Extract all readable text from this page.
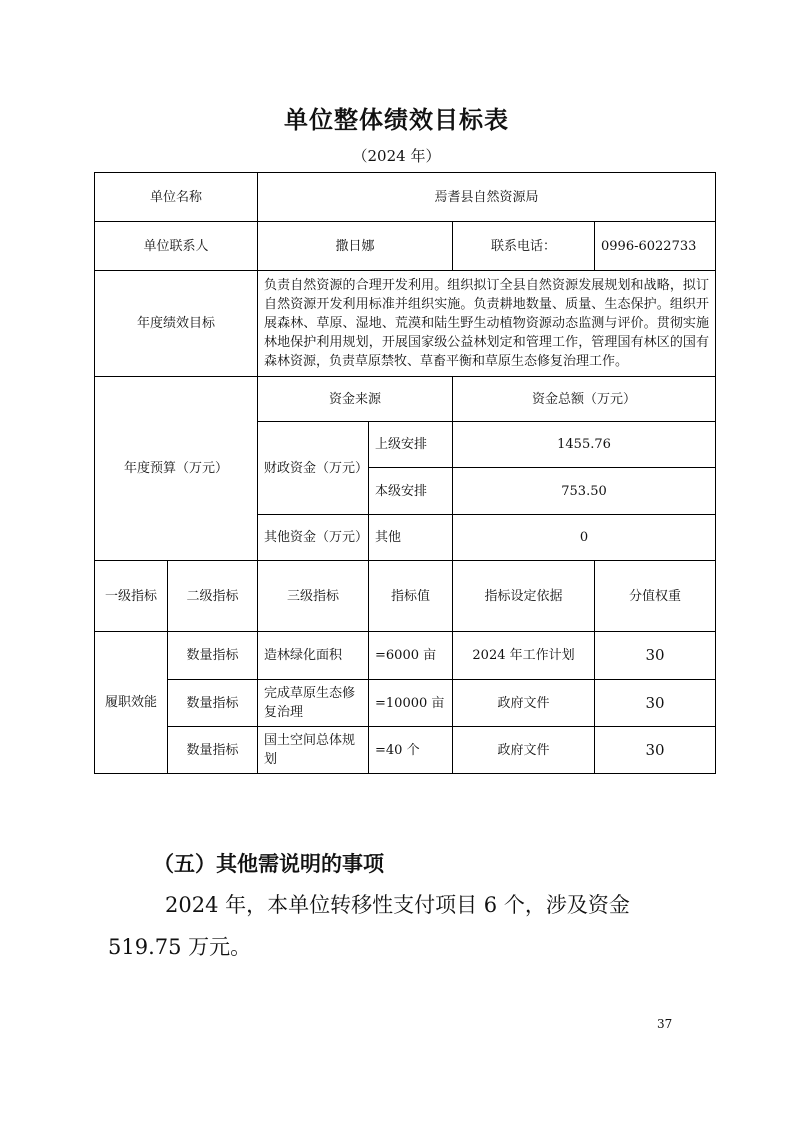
单位整体绩效目标表
（2024 年）
单位名称		焉耆县自然资源局			
单位联系人		撒日娜		联系电话：	0996-6022733
年度绩效目标		负责自然资源的合理开发利用。组织拟订全县自然资源发展规划和战略，拟订自然资源开发利用标准并组织实施。负责耕地数量、质量、生态保护。组织开展森林、草原、湿地、荒漠和陆生野生动植物资源动态监测与评价。贯彻实施林地保护利用规划，开展国家级公益林划定和管理工作，管理国有林区的国有森林资源，负责草原禁牧、草畜平衡和草原生态修复治理工作。			
年度预算（万元）		资金来源		资金总额（万元）	
		财政资金（万元）	上级安排	1455.76	
			本级安排	753.50	
		其他资金（万元）	其他	0	
一级指标	二级指标	三级指标	指标值	指标设定依据	分值权重
履职效能	数量指标	造林绿化面积	=6000 亩	2024 年工作计划	30
	数量指标	完成草原生态修复治理	=10000 亩	政府文件	30
	数量指标	国土空间总体规划	=40 个	政府文件	30
（五）其他需说明的事项
2024 年，本单位转移性支付项目 6 个，涉及资金 519.75 万元。
37
